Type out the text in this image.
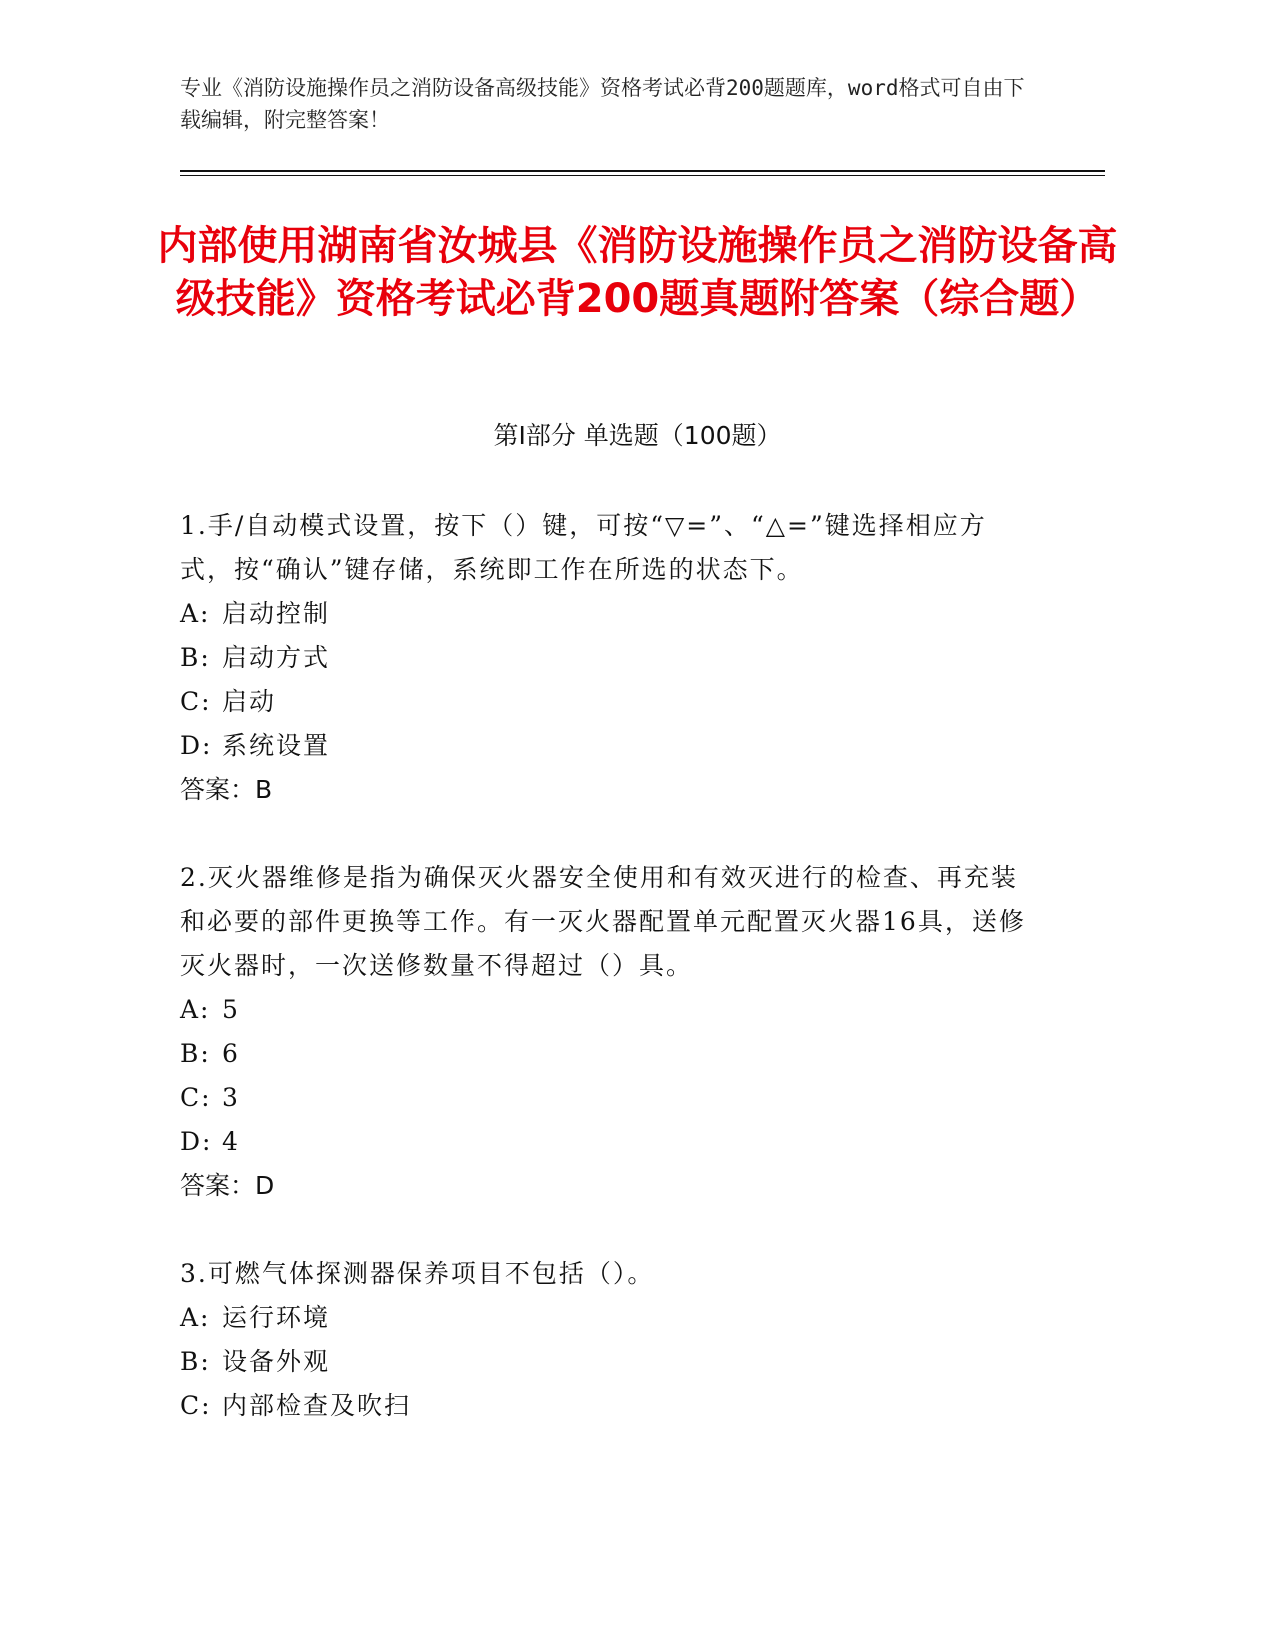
专业《消防设施操作员之消防设备高级技能》资格考试必背200题题库，word格式可自由下载编辑，附完整答案！
内部使用湖南省汝城县《消防设施操作员之消防设备高级技能》资格考试必背200题真题附答案（综合题）
第Ⅰ部分 单选题（100题）
1.手/自动模式设置，按下（）键，可按“▽=”、“△=”键选择相应方式，按“确认”键存储，系统即工作在所选的状态下。
A: 启动控制
B: 启动方式
C: 启动
D: 系统设置
答案：B
2.灭火器维修是指为确保灭火器安全使用和有效灭进行的检查、再充装和必要的部件更换等工作。有一灭火器配置单元配置灭火器16具，送修灭火器时，一次送修数量不得超过（）具。
A: 5
B: 6
C: 3
D: 4
答案：D
3.可燃气体探测器保养项目不包括（）。
A: 运行环境
B: 设备外观
C: 内部检查及吹扫
